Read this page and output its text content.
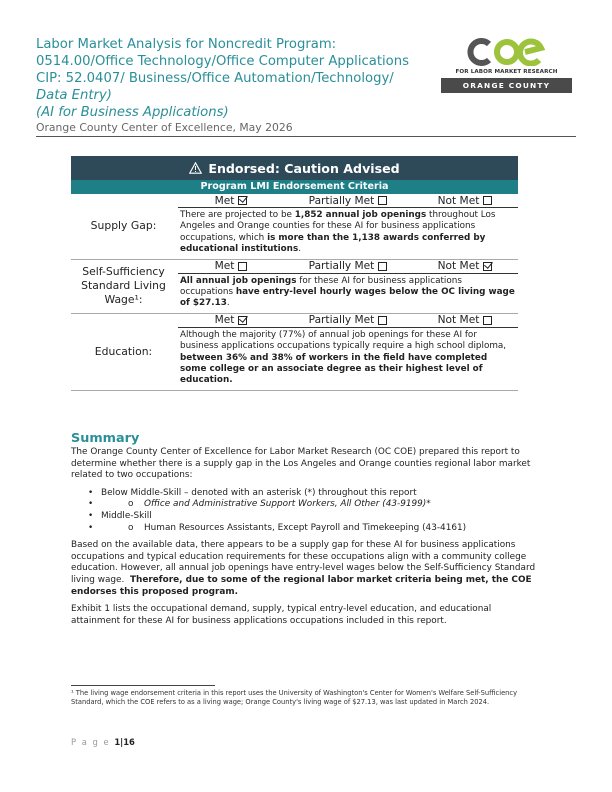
Labor Market Analysis for Noncredit Program:
0514.00/Office Technology/Office Computer Applications
CIP: 52.0407/ Business/Office Automation/Technology/
Data Entry)
(AI for Business Applications)
Orange County Center of Excellence, May 2026
FOR LABOR MARKET RESEARCH
ORANGE COUNTY
Endorsed: Caution Advised
Program LMI Endorsement Criteria
Supply Gap:
Met	Partially Met	Not Met
There are projected to be 1,852 annual job openings throughout Los Angeles and Orange counties for these AI for business applications occupations, which is more than the 1,138 awards conferred by educational institutions.
Self-Sufficiency Standard Living Wage¹:
Met	Partially Met	Not Met
All annual job openings for these AI for business applications occupations have entry-level hourly wages below the OC living wage of $27.13.
Education:
Met	Partially Met	Not Met
Although the majority (77%) of annual job openings for these AI for business applications occupations typically require a high school diploma, between 36% and 38% of workers in the field have completed some college or an associate degree as their highest level of education.
Summary

The Orange County Center of Excellence for Labor Market Research (OC COE) prepared this report to determine whether there is a supply gap in the Los Angeles and Orange counties regional labor market related to two occupations:

• Below Middle-Skill – denoted with an asterisk (*) throughout this report
• o Office and Administrative Support Workers, All Other (43-9199)*
• Middle-Skill
• o Human Resources Assistants, Except Payroll and Timekeeping (43-4161)

Based on the available data, there appears to be a supply gap for these AI for business applications occupations and typical education requirements for these occupations align with a community college education. However, all annual job openings have entry-level wages below the Self-Sufficiency Standard living wage. Therefore, due to some of the regional labor market criteria being met, the COE endorses this proposed program.

Exhibit 1 lists the occupational demand, supply, typical entry-level education, and educational attainment for these AI for business applications occupations included in this report.

¹ The living wage endorsement criteria in this report uses the University of Washington's Center for Women's Welfare Self-Sufficiency Standard, which the COE refers to as a living wage; Orange County's living wage of $27.13, was last updated in March 2024.
P a g e 1|16
